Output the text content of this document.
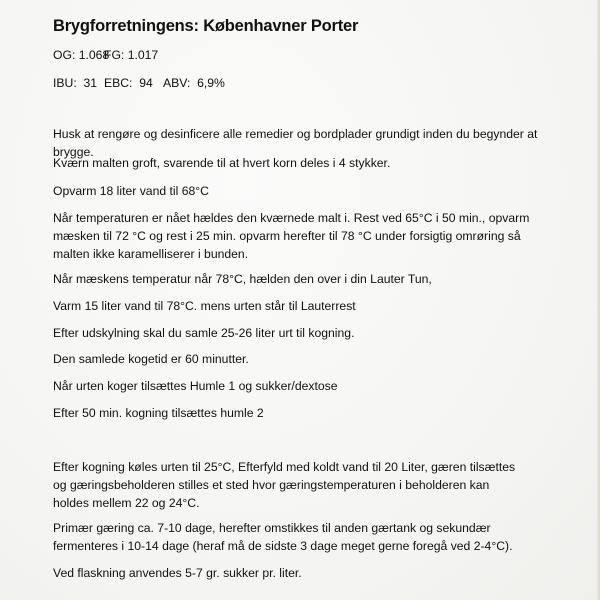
Brygforretningens: Københavner Porter
OG: 1.068
FG: 1.017
IBU:  31 EBC:  94 ABV:  6,9%
Husk at rengøre og desinficere alle remedier og bordplader grundigt inden du begynder at brygge.
Kværn malten groft, svarende til at hvert korn deles i 4 stykker.
Opvarm 18 liter vand til 68°C
Når temperaturen er nået hældes den kværnede malt i. Rest ved 65°C i 50 min., opvarm mæsken til 72 °C og rest i 25 min. opvarm herefter til 78 °C under forsigtig omrøring så malten ikke karamelliserer i bunden.
Når mæskens temperatur når 78°C, hælden den over i din Lauter Tun,
Varm 15 liter vand til 78°C. mens urten står til Lauterrest
Efter udskylning skal du samle 25-26 liter urt til kogning.
Den samlede kogetid er 60 minutter.
Når urten koger tilsættes Humle 1 og sukker/dextose
Efter 50 min. kogning tilsættes humle 2
Efter kogning køles urten til 25°C, Efterfyld med koldt vand til 20 Liter, gæren tilsættes og gæringsbeholderen stilles et sted hvor gæringstemperaturen i beholderen kan holdes mellem 22 og 24°C.
Primær gæring ca. 7-10 dage, herefter omstikkes til anden gærtank og sekundær fermenteres i 10-14 dage (heraf må de sidste 3 dage meget gerne foregå ved 2-4°C).
Ved flaskning anvendes 5-7 gr. sukker pr. liter.
